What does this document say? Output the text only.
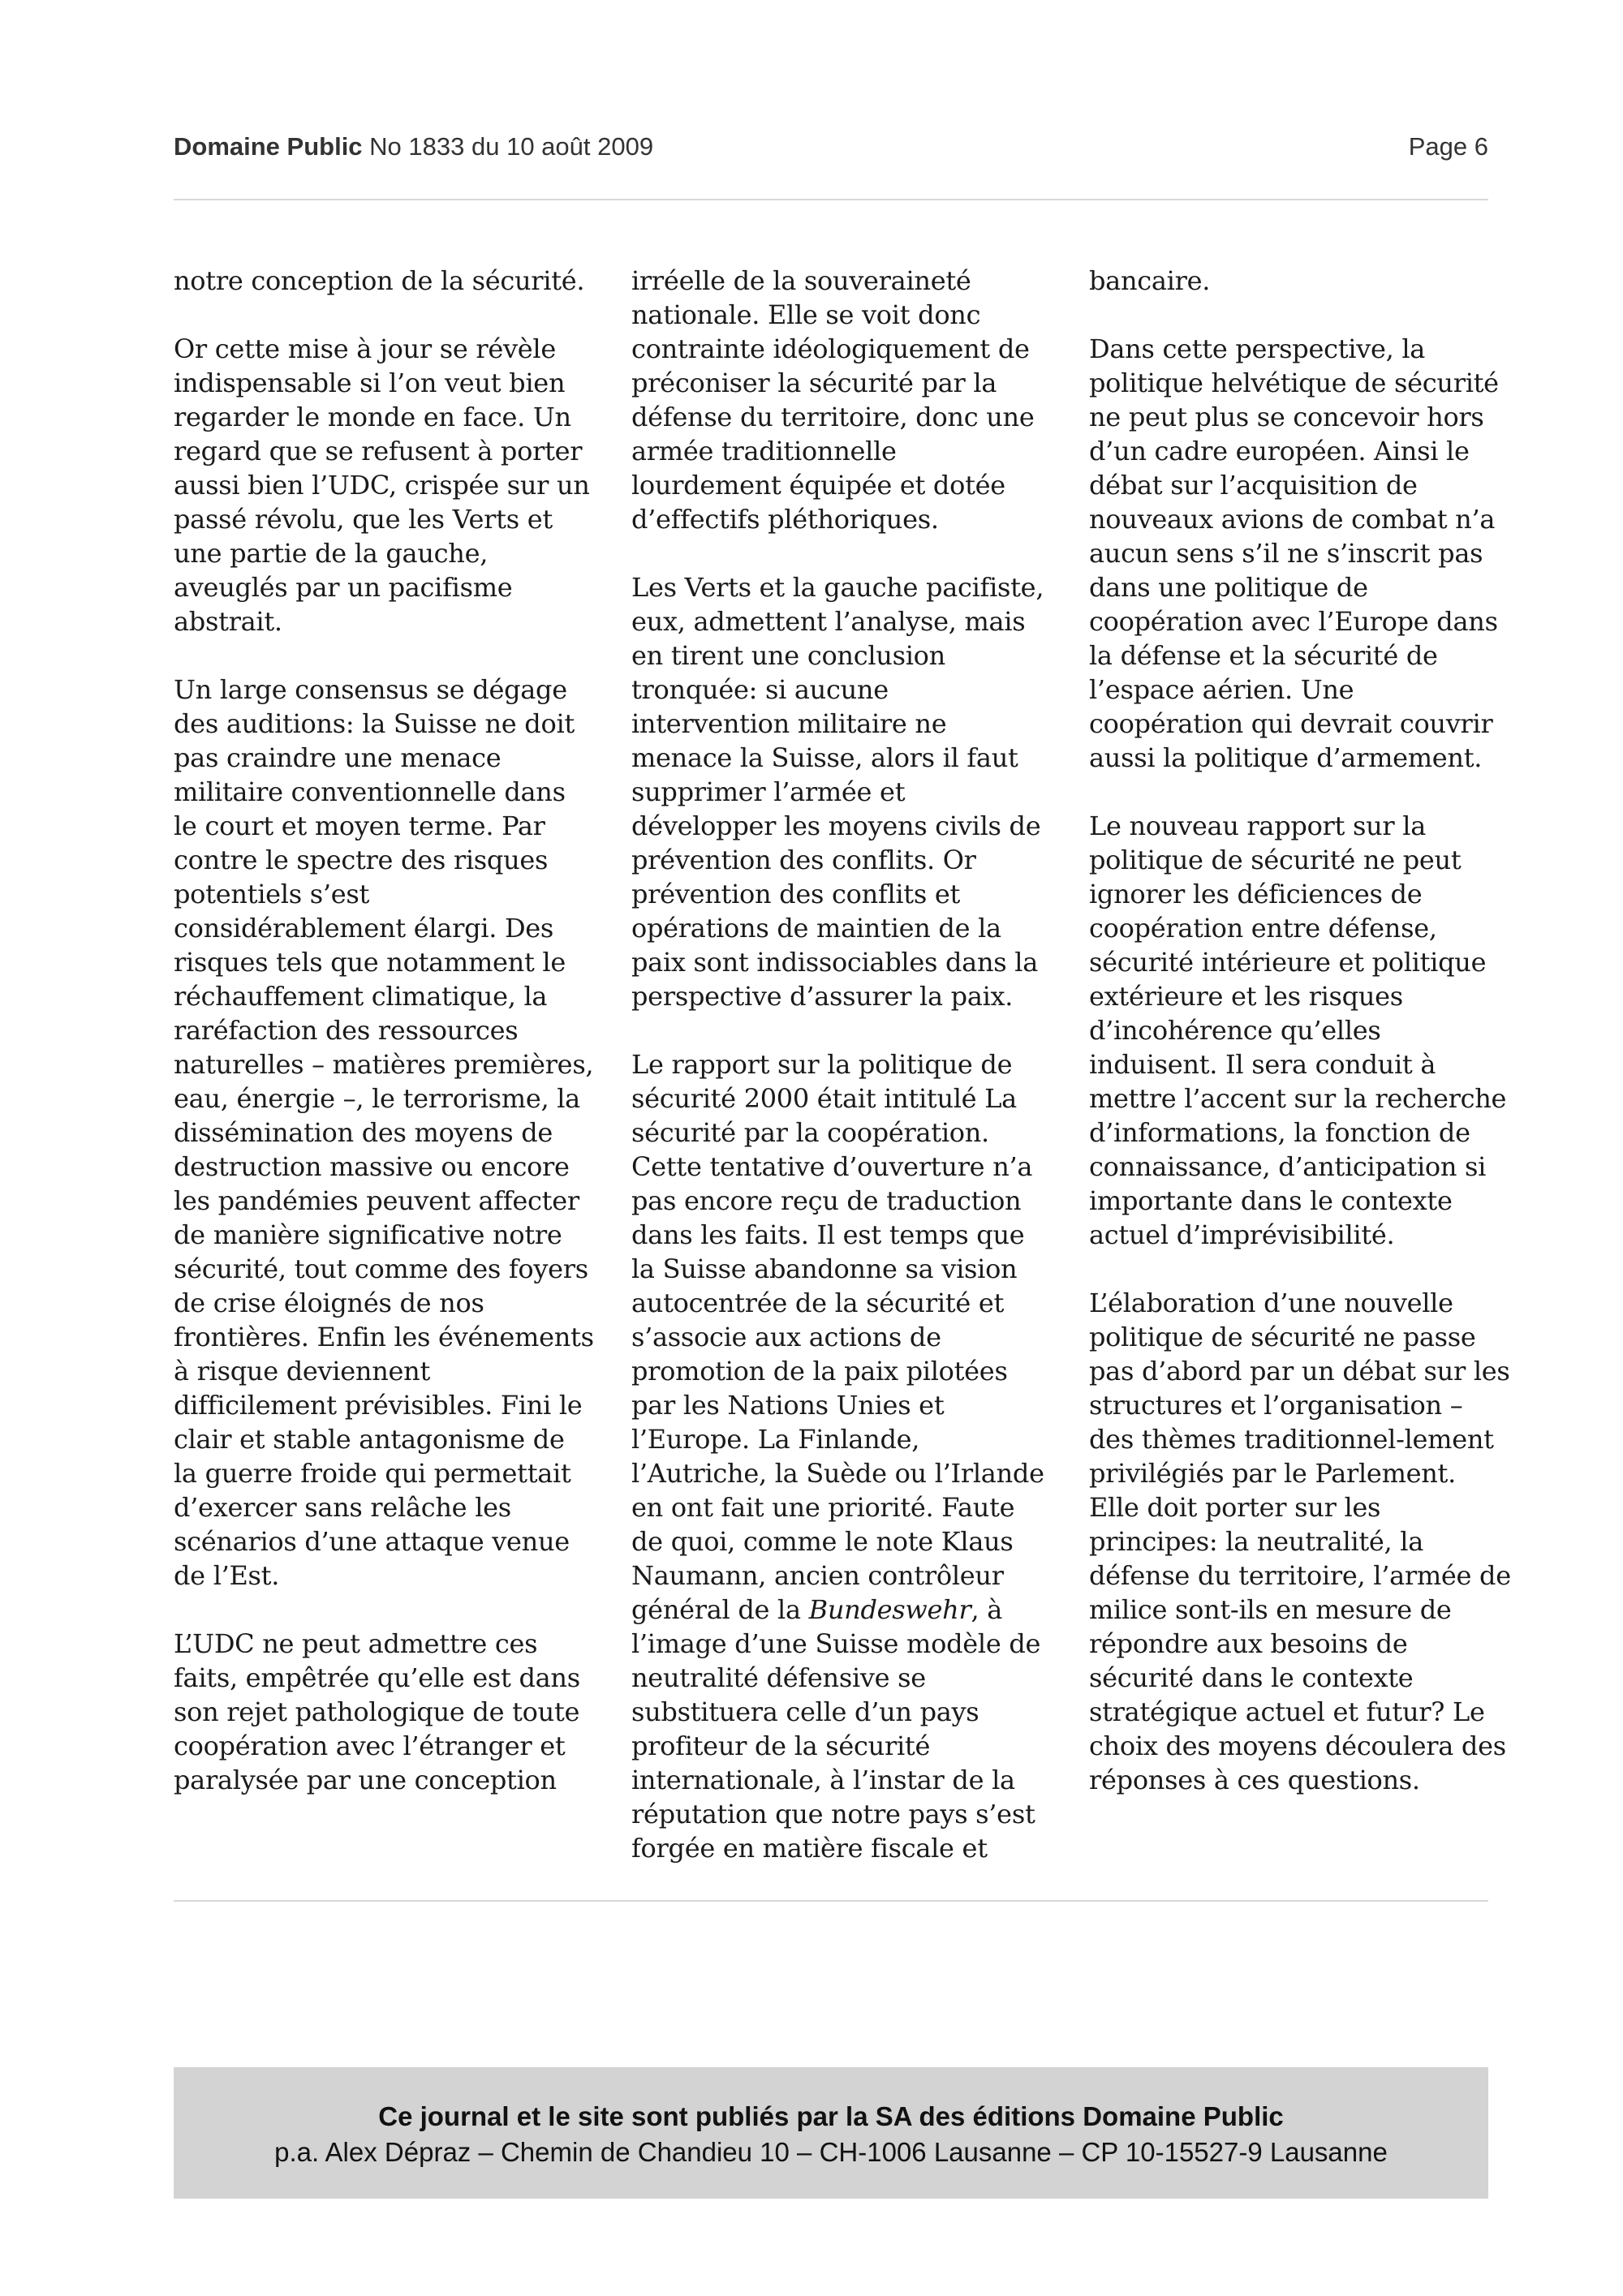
Domaine Public No 1833 du 10 août 2009	Page 6

notre conception de la sécurité.

Or cette mise à jour se révèle indispensable si l’on veut bien regarder le monde en face. Un regard que se refusent à porter aussi bien l’UDC, crispée sur un passé révolu, que les Verts et une partie de la gauche, aveuglés par un pacifisme abstrait.

Un large consensus se dégage des auditions: la Suisse ne doit pas craindre une menace militaire conventionnelle dans le court et moyen terme. Par contre le spectre des risques potentiels s’est considérablement élargi. Des risques tels que notamment le réchauffement climatique, la raréfaction des ressources naturelles – matières premières, eau, énergie –, le terrorisme, la dissémination des moyens de destruction massive ou encore les pandémies peuvent affecter de manière significative notre sécurité, tout comme des foyers de crise éloignés de nos frontières. Enfin les événements à risque deviennent difficilement prévisibles. Fini le clair et stable antagonisme de la guerre froide qui permettait d’exercer sans relâche les scénarios d’une attaque venue de l’Est.

L’UDC ne peut admettre ces faits, empêtrée qu’elle est dans son rejet pathologique de toute coopération avec l’étranger et paralysée par une conception

irréelle de la souveraineté nationale. Elle se voit donc contrainte idéologiquement de préconiser la sécurité par la défense du territoire, donc une armée traditionnelle lourdement équipée et dotée d’effectifs pléthoriques.

Les Verts et la gauche pacifiste, eux, admettent l’analyse, mais en tirent une conclusion tronquée: si aucune intervention militaire ne menace la Suisse, alors il faut supprimer l’armée et développer les moyens civils de prévention des conflits. Or prévention des conflits et opérations de maintien de la paix sont indissociables dans la perspective d’assurer la paix.

Le rapport sur la politique de sécurité 2000 était intitulé La sécurité par la coopération. Cette tentative d’ouverture n’a pas encore reçu de traduction dans les faits. Il est temps que la Suisse abandonne sa vision autocentrée de la sécurité et s’associe aux actions de promotion de la paix pilotées par les Nations Unies et l’Europe. La Finlande, l’Autriche, la Suède ou l’Irlande en ont fait une priorité. Faute de quoi, comme le note Klaus Naumann, ancien contrôleur général de la Bundeswehr, à l’image d’une Suisse modèle de neutralité défensive se substituera celle d’un pays profiteur de la sécurité internationale, à l’instar de la réputation que notre pays s’est forgée en matière fiscale et

bancaire.

Dans cette perspective, la politique helvétique de sécurité ne peut plus se concevoir hors d’un cadre européen. Ainsi le débat sur l’acquisition de nouveaux avions de combat n’a aucun sens s’il ne s’inscrit pas dans une politique de coopération avec l’Europe dans la défense et la sécurité de l’espace aérien. Une coopération qui devrait couvrir aussi la politique d’armement.

Le nouveau rapport sur la politique de sécurité ne peut ignorer les déficiences de coopération entre défense, sécurité intérieure et politique extérieure et les risques d’incohérence qu’elles induisent. Il sera conduit à mettre l’accent sur la recherche d’informations, la fonction de connaissance, d’anticipation si importante dans le contexte actuel d’imprévisibilité.

L’élaboration d’une nouvelle politique de sécurité ne passe pas d’abord par un débat sur les structures et l’organisation – des thèmes traditionnel-lement privilégiés par le Parlement. Elle doit porter sur les principes: la neutralité, la défense du territoire, l’armée de milice sont-ils en mesure de répondre aux besoins de sécurité dans le contexte stratégique actuel et futur? Le choix des moyens découlera des réponses à ces questions.

Ce journal et le site sont publiés par la SA des éditions Domaine Public
p.a. Alex Dépraz – Chemin de Chandieu 10 – CH-1006 Lausanne – CP 10-15527-9 Lausanne
